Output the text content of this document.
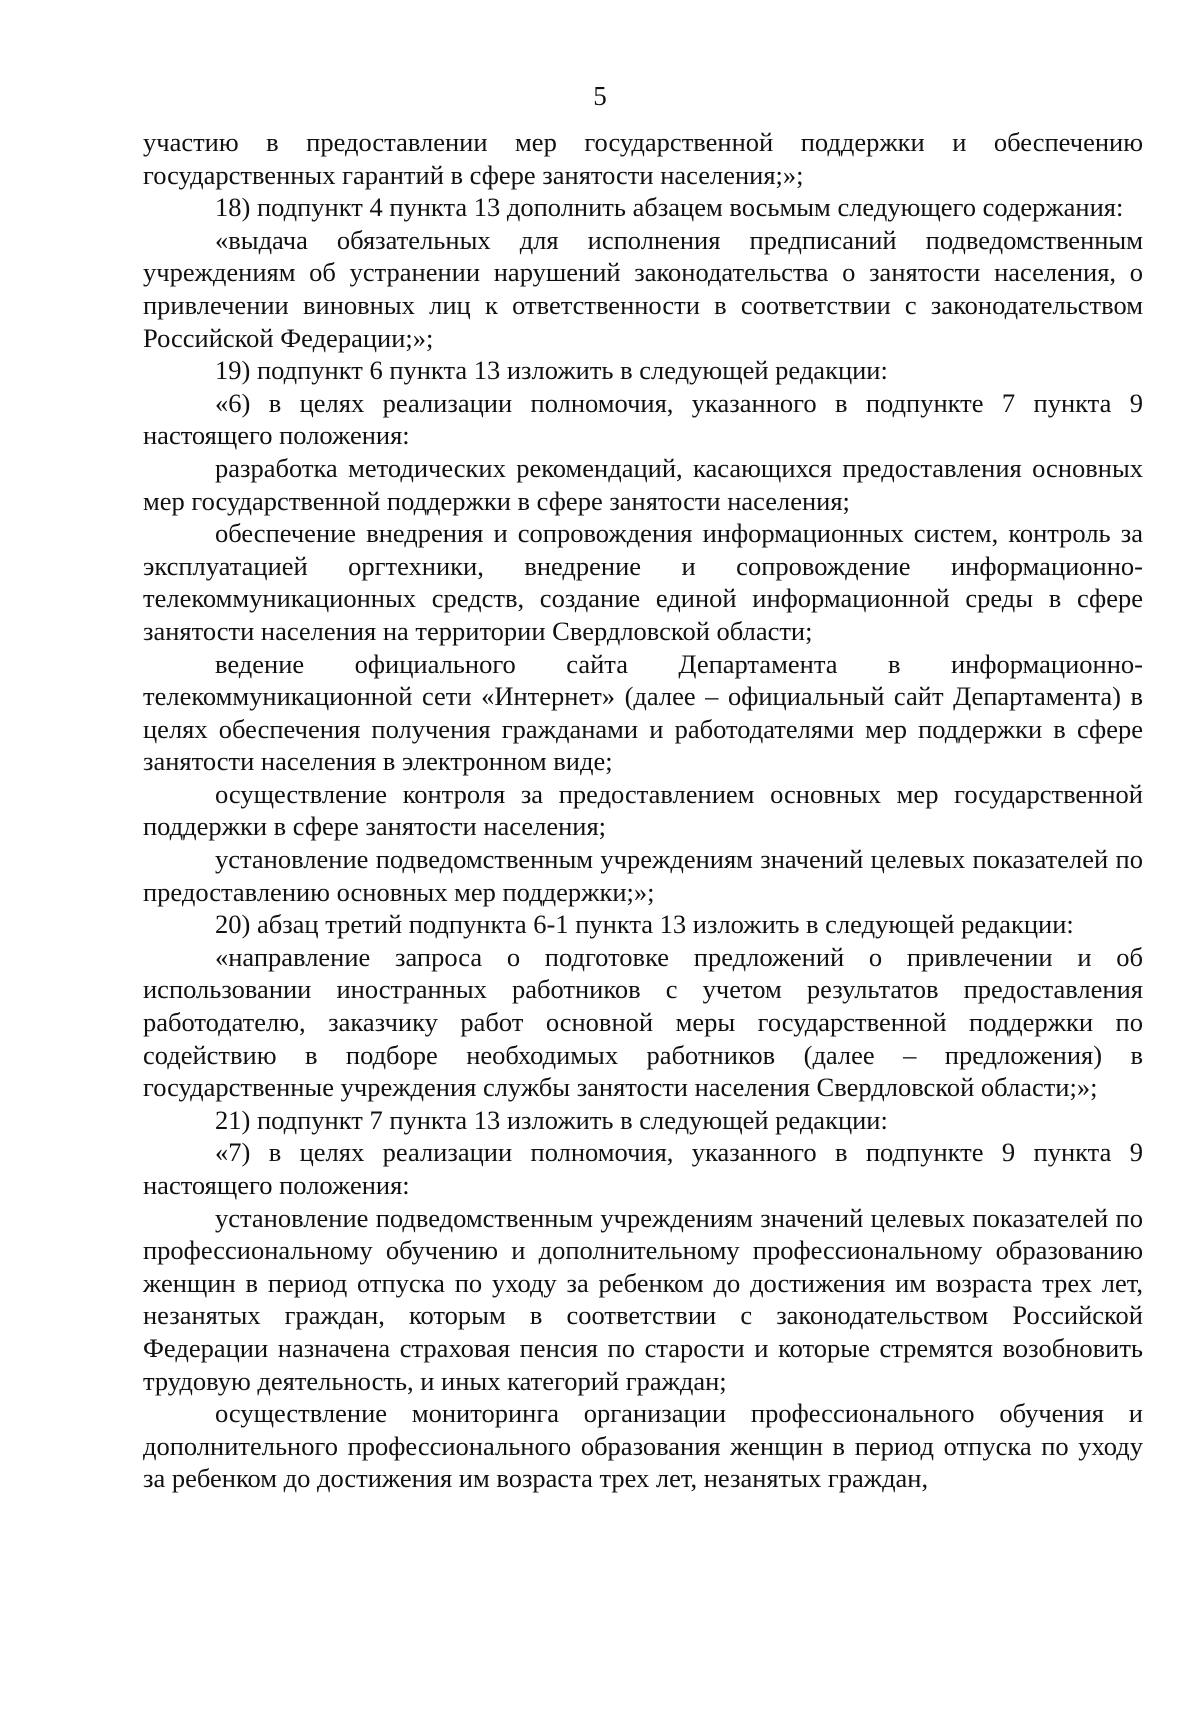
5

участию в предоставлении мер государственной поддержки и обеспечению государственных гарантий в сфере занятости населения;»;

18) подпункт 4 пункта 13 дополнить абзацем восьмым следующего содержания:

«выдача обязательных для исполнения предписаний подведомственным учреждениям об устранении нарушений законодательства о занятости населения, о привлечении виновных лиц к ответственности в соответствии с законодательством Российской Федерации;»;

19) подпункт 6 пункта 13 изложить в следующей редакции:

«6) в целях реализации полномочия, указанного в подпункте 7 пункта 9 настоящего положения:

разработка методических рекомендаций, касающихся предоставления основных мер государственной поддержки в сфере занятости населения;

обеспечение внедрения и сопровождения информационных систем, контроль за эксплуатацией оргтехники, внедрение и сопровождение информационно-телекоммуникационных средств, создание единой информационной среды в сфере занятости населения на территории Свердловской области;

ведение официального сайта Департамента в информационно-телекоммуникационной сети «Интернет» (далее – официальный сайт Департамента) в целях обеспечения получения гражданами и работодателями мер поддержки в сфере занятости населения в электронном виде;

осуществление контроля за предоставлением основных мер государственной поддержки в сфере занятости населения;

установление подведомственным учреждениям значений целевых показателей по предоставлению основных мер поддержки;»;

20) абзац третий подпункта 6-1 пункта 13 изложить в следующей редакции:

«направление запроса о подготовке предложений о привлечении и об использовании иностранных работников с учетом результатов предоставления работодателю, заказчику работ основной меры государственной поддержки по содействию в подборе необходимых работников (далее – предложения) в государственные учреждения службы занятости населения Свердловской области;»;

21) подпункт 7 пункта 13 изложить в следующей редакции:

«7) в целях реализации полномочия, указанного в подпункте 9 пункта 9 настоящего положения:

установление подведомственным учреждениям значений целевых показателей по профессиональному обучению и дополнительному профессиональному образованию женщин в период отпуска по уходу за ребенком до достижения им возраста трех лет, незанятых граждан, которым в соответствии с законодательством Российской Федерации назначена страховая пенсия по старости и которые стремятся возобновить трудовую деятельность, и иных категорий граждан;

осуществление мониторинга организации профессионального обучения и дополнительного профессионального образования женщин в период отпуска по уходу за ребенком до достижения им возраста трех лет, незанятых граждан,
